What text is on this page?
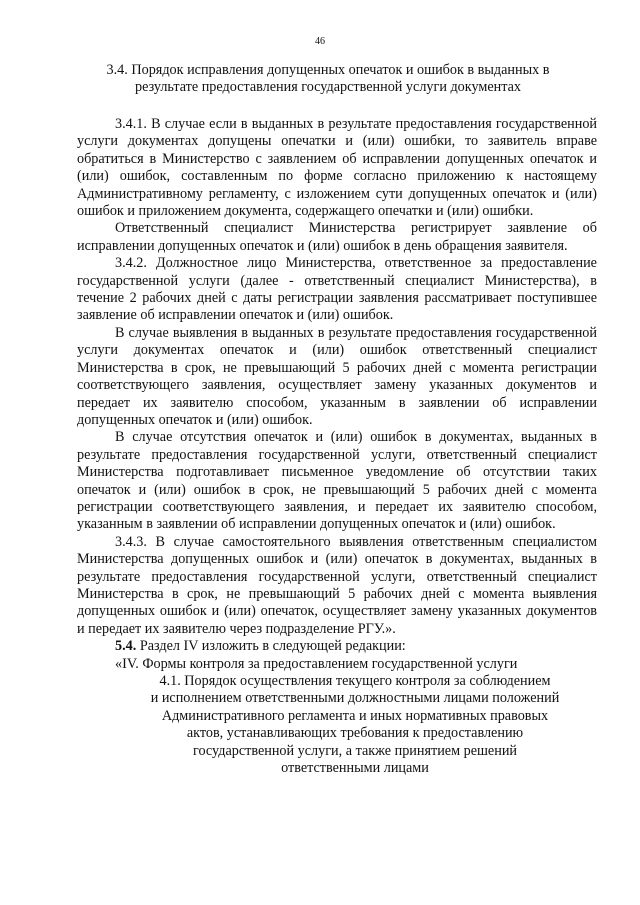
46
3.4. Порядок исправления допущенных опечаток и ошибок в выданных в результате предоставления государственной услуги документах

3.4.1. В случае если в выданных в результате предоставления государственной услуги документах допущены опечатки и (или) ошибки, то заявитель вправе обратиться в Министерство с заявлением об исправлении допущенных опечаток и (или) ошибок, составленным по форме согласно приложению к настоящему Административному регламенту, с изложением сути допущенных опечаток и (или) ошибок и приложением документа, содержащего опечатки и (или) ошибки.

Ответственный специалист Министерства регистрирует заявление об исправлении допущенных опечаток и (или) ошибок в день обращения заявителя.

3.4.2. Должностное лицо Министерства, ответственное за предоставление государственной услуги (далее - ответственный специалист Министерства), в течение 2 рабочих дней с даты регистрации заявления рассматривает поступившее заявление об исправлении опечаток и (или) ошибок.

В случае выявления в выданных в результате предоставления государственной услуги документах опечаток и (или) ошибок ответственный специалист Министерства в срок, не превышающий 5 рабочих дней с момента регистрации соответствующего заявления, осуществляет замену указанных документов и передает их заявителю способом, указанным в заявлении об исправлении допущенных опечаток и (или) ошибок.

В случае отсутствия опечаток и (или) ошибок в документах, выданных в результате предоставления государственной услуги, ответственный специалист Министерства подготавливает письменное уведомление об отсутствии таких опечаток и (или) ошибок в срок, не превышающий 5 рабочих дней с момента регистрации соответствующего заявления, и передает их заявителю способом, указанным в заявлении об исправлении допущенных опечаток и (или) ошибок.

3.4.3. В случае самостоятельного выявления ответственным специалистом Министерства допущенных ошибок и (или) опечаток в документах, выданных в результате предоставления государственной услуги, ответственный специалист Министерства в срок, не превышающий 5 рабочих дней с момента выявления допущенных ошибок и (или) опечаток, осуществляет замену указанных документов и передает их заявителю через подразделение РГУ.».

5.4. Раздел IV изложить в следующей редакции:

«IV. Формы контроля за предоставлением государственной услуги

4.1. Порядок осуществления текущего контроля за соблюдением
и исполнением ответственными должностными лицами положений
Административного регламента и иных нормативных правовых
актов, устанавливающих требования к предоставлению
государственной услуги, а также принятием решений
ответственными лицами
